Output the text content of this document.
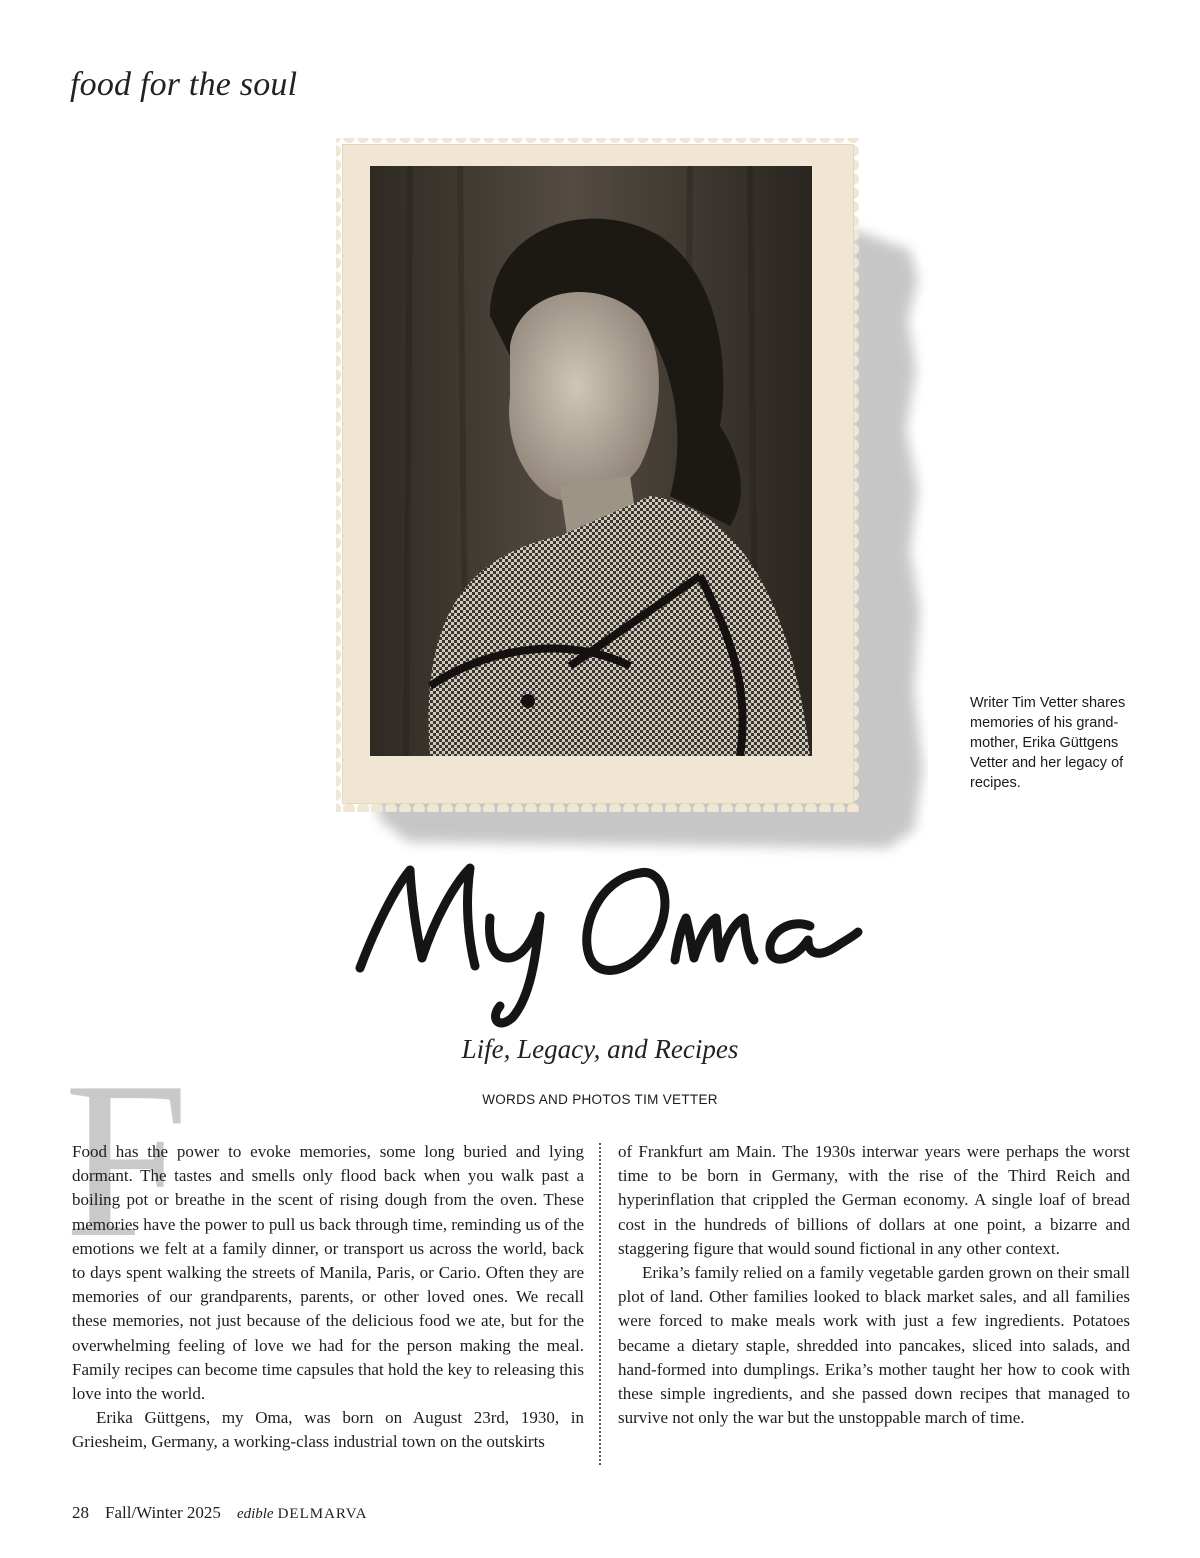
food for the soul
Writer Tim Vetter shares memories of his grand-mother, Erika Güttgens Vetter and her legacy of recipes.
My Oma
Life, Legacy, and Recipes
WORDS AND PHOTOS TIM VETTER
F

Food has the power to evoke memories, some long buried and lying dormant. The tastes and smells only flood back when you walk past a boiling pot or breathe in the scent of rising dough from the oven. These memories have the power to pull us back through time, reminding us of the emotions we felt at a family dinner, or transport us across the world, back to days spent walking the streets of Manila, Paris, or Cario. Often they are memories of our grandparents, parents, or other loved ones. We recall these memories, not just because of the delicious food we ate, but for the overwhelming feeling of love we had for the person making the meal. Family recipes can become time capsules that hold the key to releasing this love into the world.

Erika Güttgens, my Oma, was born on August 23rd, 1930, in Griesheim, Germany, a working-class industrial town on the outskirts

of Frankfurt am Main. The 1930s interwar years were perhaps the worst time to be born in Germany, with the rise of the Third Reich and hyperinflation that crippled the German economy. A single loaf of bread cost in the hundreds of billions of dollars at one point, a bizarre and staggering figure that would sound fictional in any other context.

Erika’s family relied on a family vegetable garden grown on their small plot of land. Other families looked to black market sales, and all families were forced to make meals work with just a few ingredients. Potatoes became a dietary staple, shredded into pancakes, sliced into salads, and hand-formed into dumplings. Erika’s mother taught her how to cook with these simple ingredients, and she passed down recipes that managed to survive not only the war but the unstoppable march of time.

28 Fall/Winter 2025 edible DELMARVA
